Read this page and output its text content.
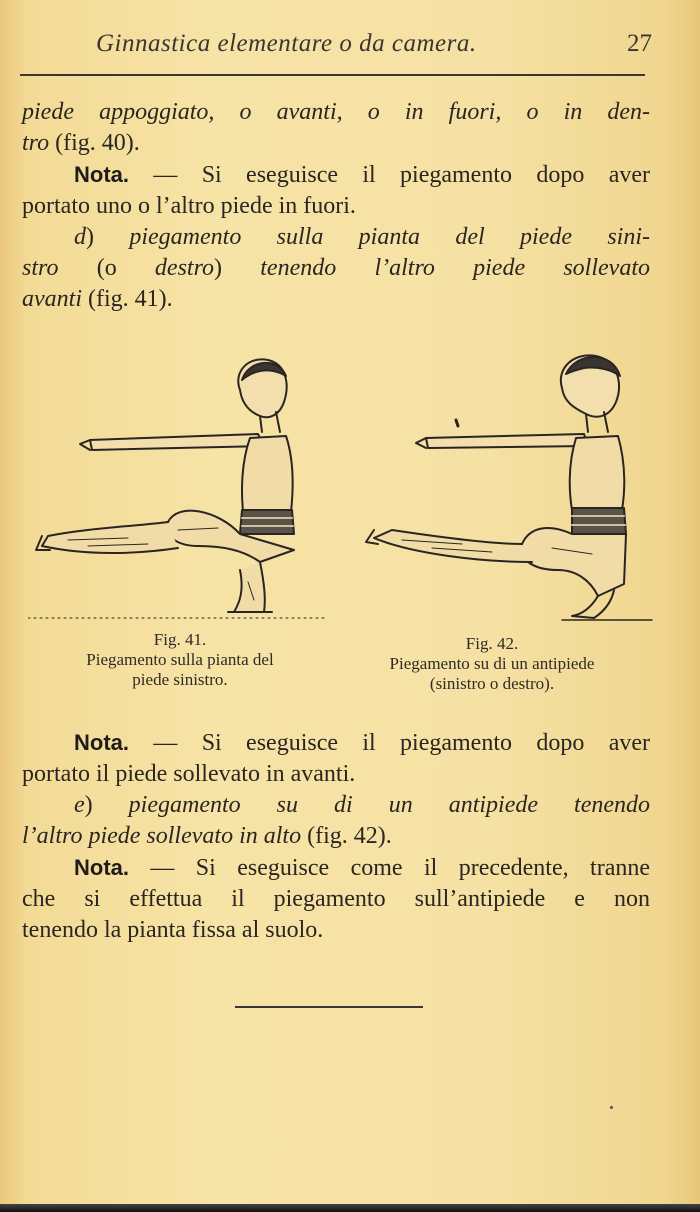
Ginnastica elementare o da camera.	27

piede appoggiato, o avanti, o in fuori, o in den-
tro (fig. 40).

Nota. — Si eseguisce il piegamento dopo aver
portato uno o l’altro piede in fuori.

d) piegamento sulla pianta del piede sini-
stro (o destro) tenendo l’altro piede sollevato
avanti (fig. 41).

Fig. 41.
Piegamento sulla pianta del
piede sinistro.
Fig. 42.
Piegamento su di un antipiede
(sinistro o destro).

Nota. — Si eseguisce il piegamento dopo aver
portato il piede sollevato in avanti.

e) piegamento su di un antipiede tenendo
l’altro piede sollevato in alto (fig. 42).

Nota. — Si eseguisce come il precedente, tranne
che si effettua il piegamento sull’antipiede e non
tenendo la pianta fissa al suolo.
